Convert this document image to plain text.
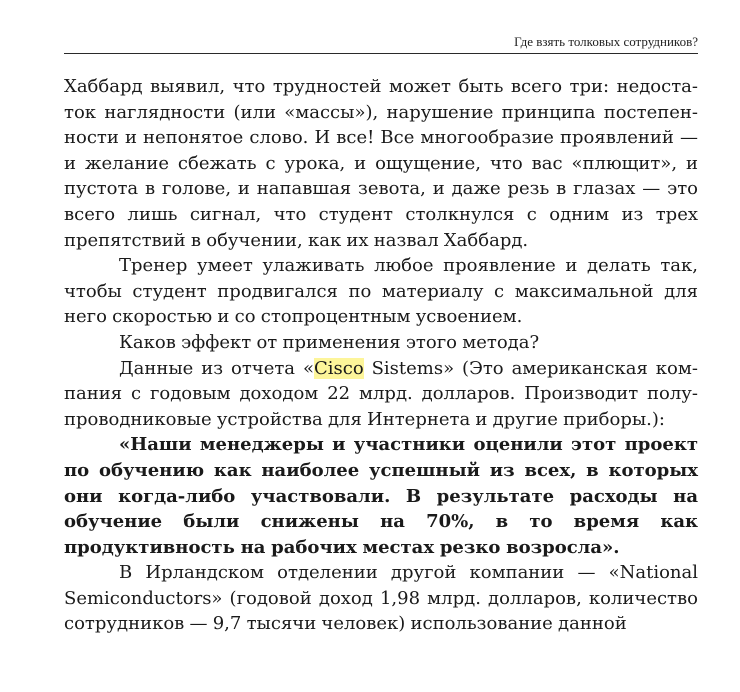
Где взять толковых сотрудников?

Хаббард выявил, что трудностей может быть всего три: недостаток наглядности (или «массы»), нарушение принципа постепенности и непонятое слово. И все! Все многообразие проявлений — и желание сбежать с урока, и ощущение, что вас «плющит», и пустота в голове, и напавшая зевота, и даже резь в глазах — это всего лишь сигнал, что студент столкнулся с одним из трех препятствий в обучении, как их назвал Хаббард.

Тренер умеет улаживать любое проявление и делать так, чтобы студент продвигался по материалу с максимальной для него скоростью и со стопроцентным усвоением.

Каков эффект от применения этого метода?

Данные из отчета «Cisco Sistems» (Это американская компания с годовым доходом 22 млрд. долларов. Производит полупроводниковые устройства для Интернета и другие приборы.):

«Наши менеджеры и участники оценили этот проект по обучению как наиболее успешный из всех, в которых они когда-либо участвовали. В результате расходы на обучение были снижены на 70%, в то время как продуктивность на рабочих местах резко возросла».

В Ирландском отделении другой компании — «National Semiconductors» (годовой доход 1,98 млрд. долларов, количество сотрудников — 9,7 тысячи человек) использование данной
